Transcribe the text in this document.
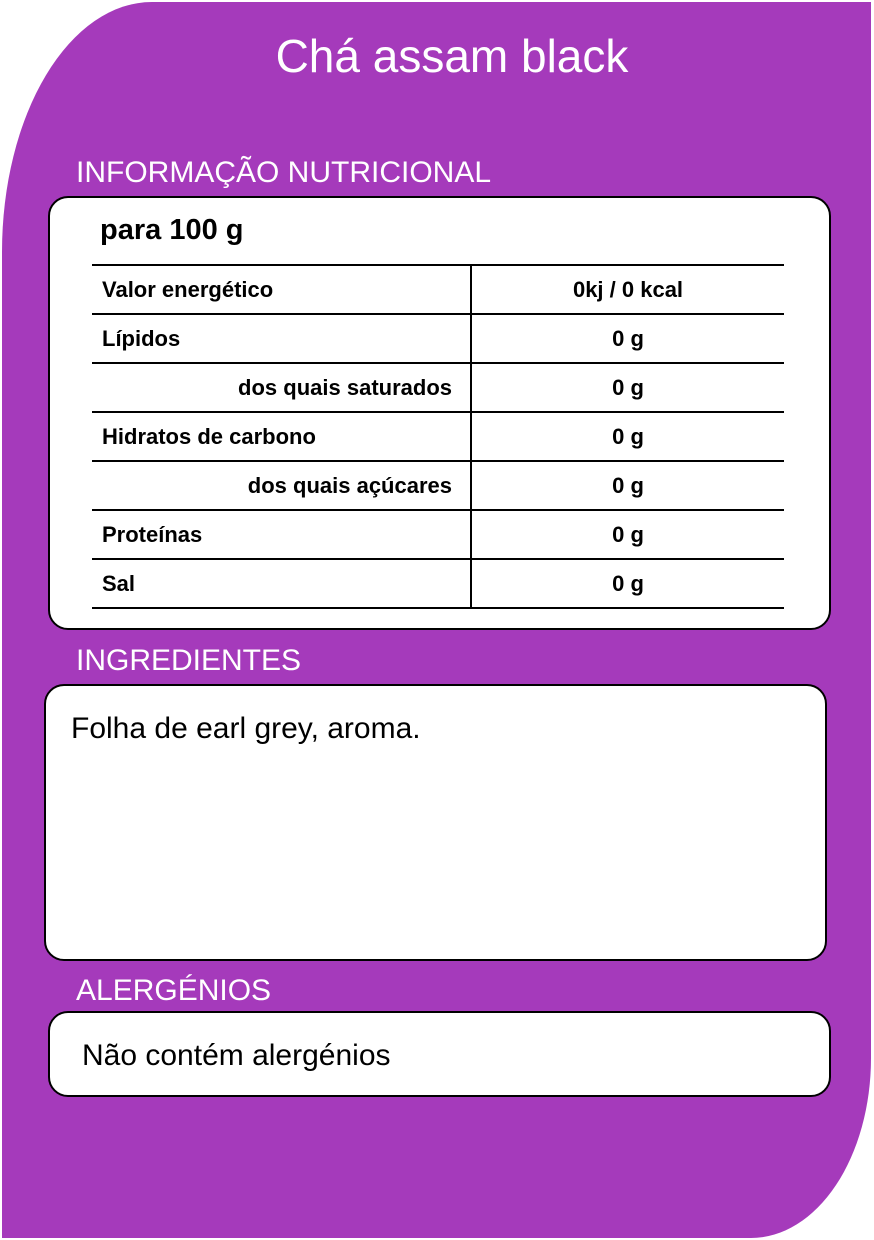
Chá assam black
INFORMAÇÃO NUTRICIONAL
para 100 g
Valor energético	0kj / 0 kcal
Lípidos	0 g
dos quais saturados	0 g
Hidratos de carbono	0 g
dos quais açúcares	0 g
Proteínas	0 g
Sal	0 g
INGREDIENTES
Folha de earl grey, aroma.
ALERGÉNIOS
Não contém alergénios
